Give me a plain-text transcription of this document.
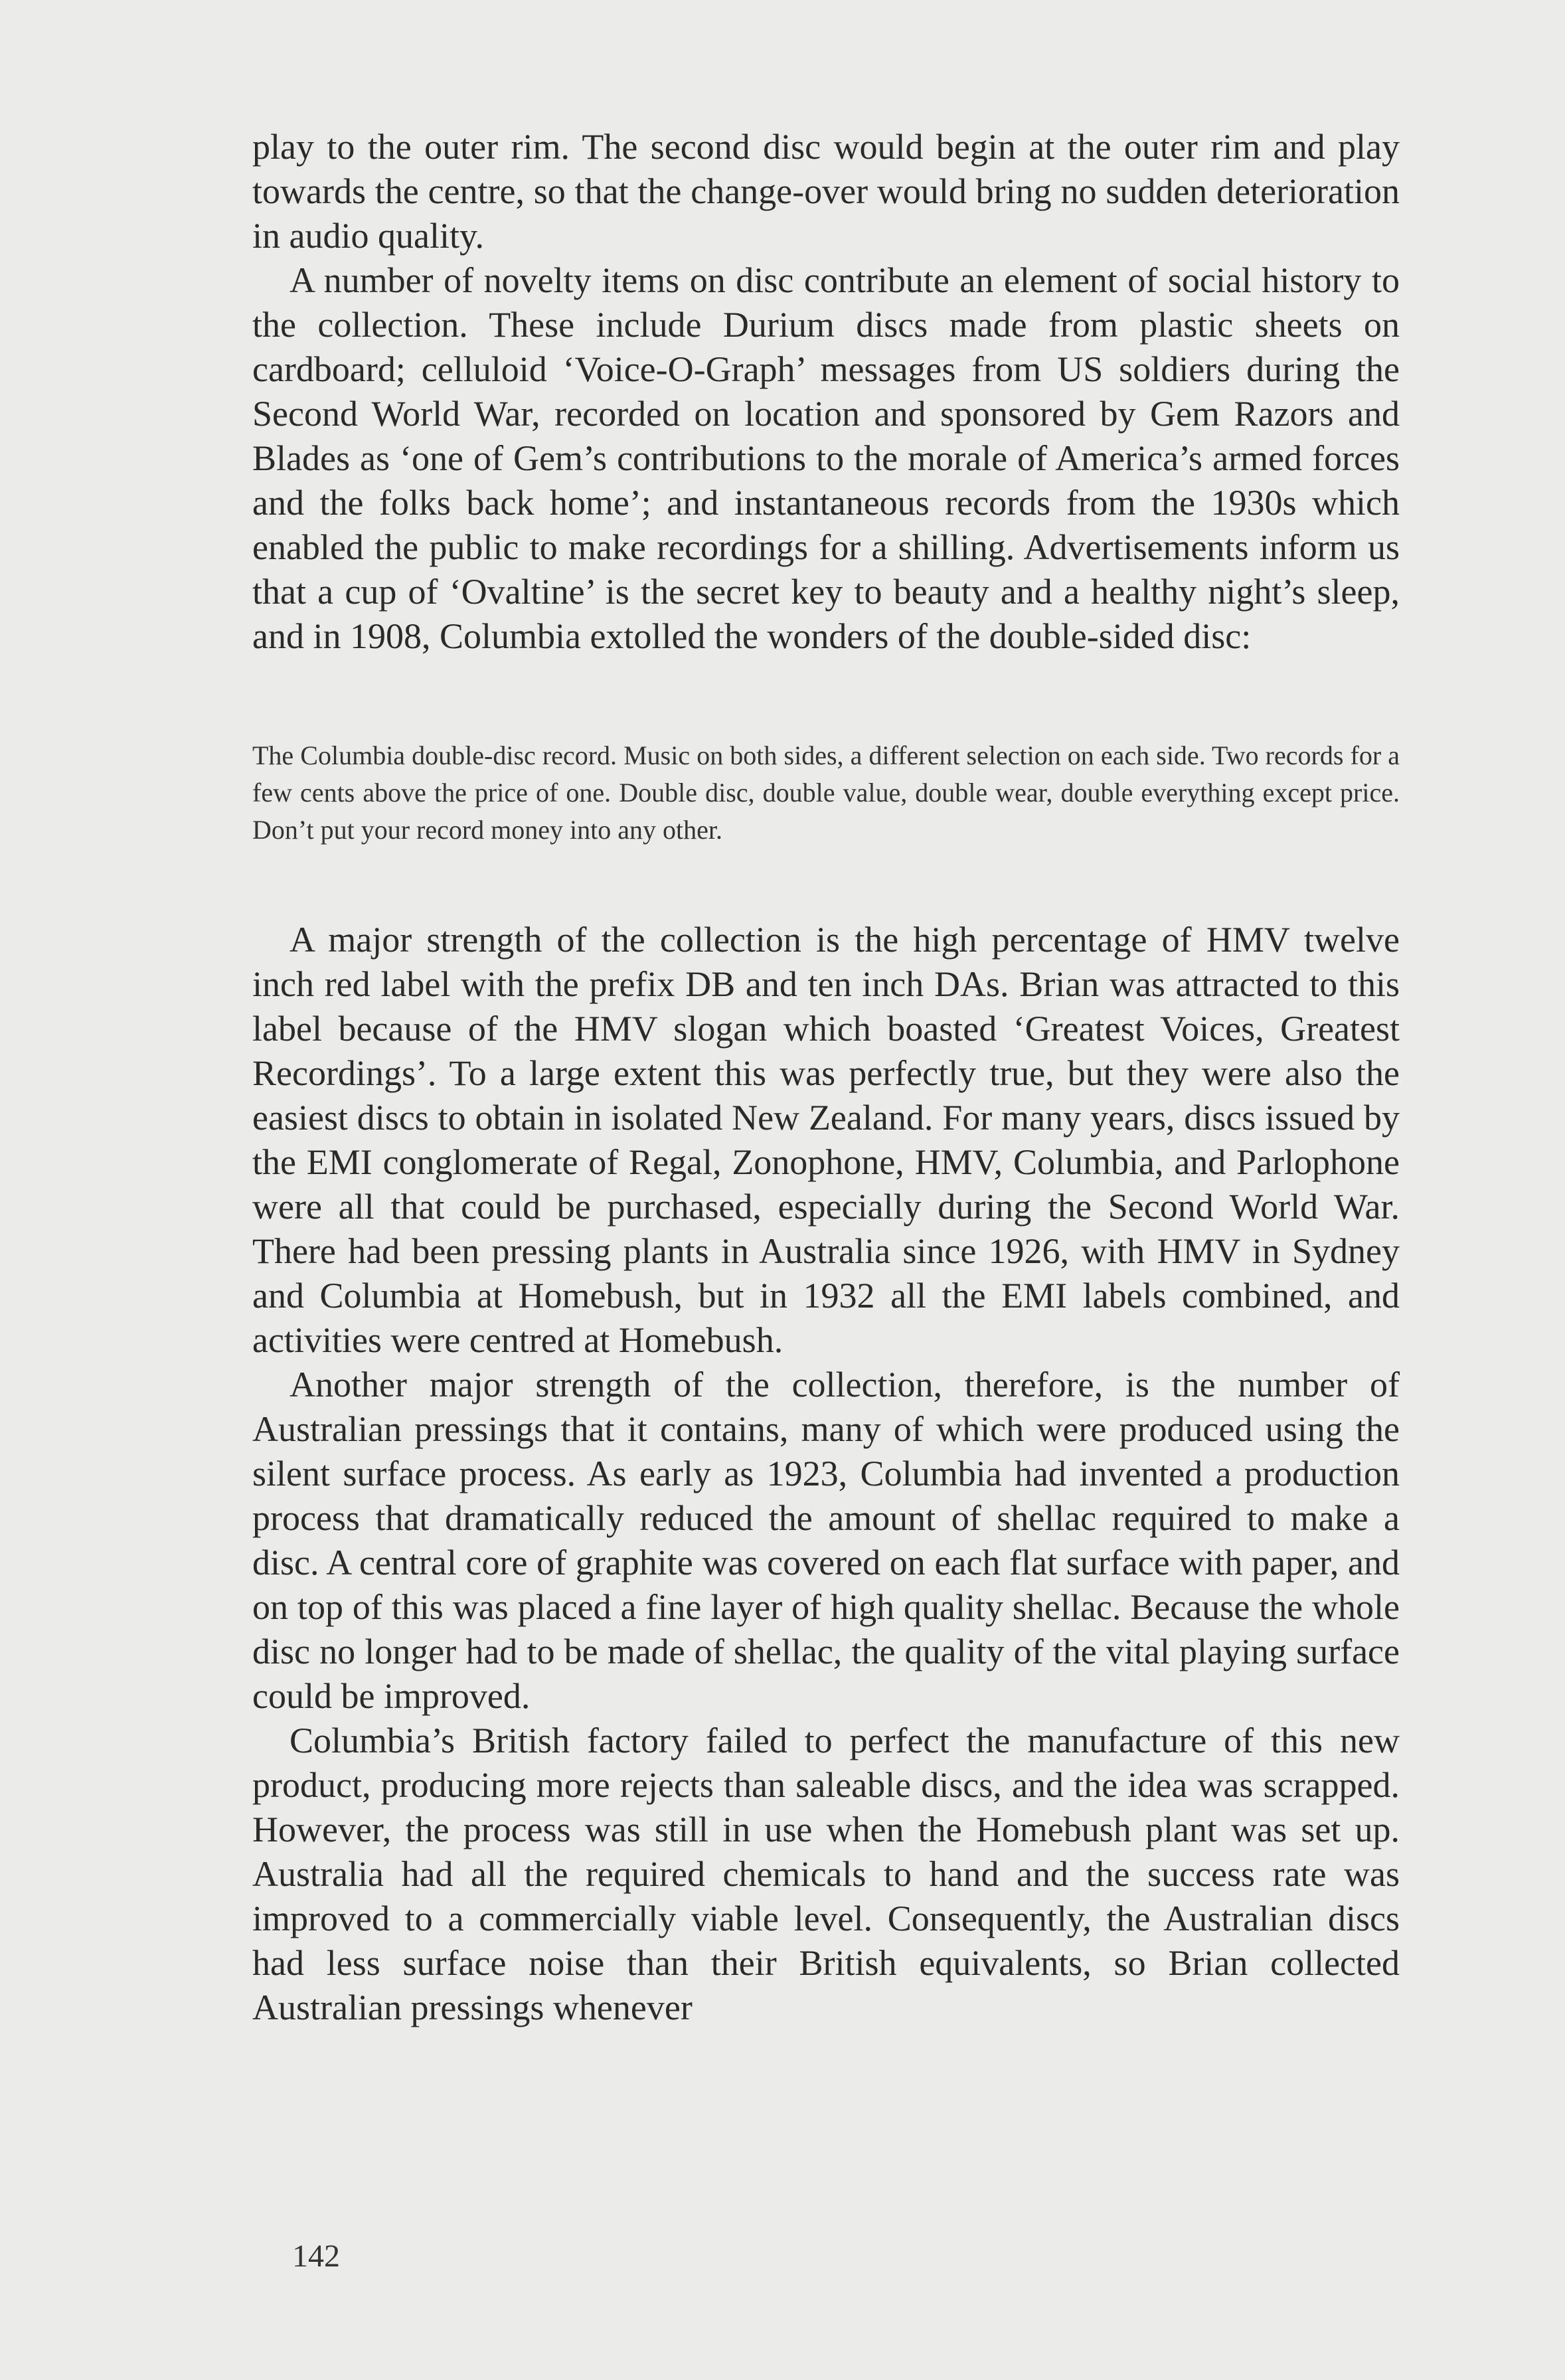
play to the outer rim. The second disc would begin at the outer rim and play towards the centre, so that the change-over would bring no sudden deterioration in audio quality.

A number of novelty items on disc contribute an element of social history to the collection. These include Durium discs made from plastic sheets on cardboard; celluloid ‘Voice-O-Graph’ messages from US soldiers during the Second World War, recorded on location and sponsored by Gem Razors and Blades as ‘one of Gem’s contributions to the morale of America’s armed forces and the folks back home’; and instantaneous records from the 1930s which enabled the public to make recordings for a shilling. Advertisements inform us that a cup of ‘Ovaltine’ is the secret key to beauty and a healthy night’s sleep, and in 1908, Columbia extolled the wonders of the double-sided disc:

The Columbia double-disc record. Music on both sides, a different selection on each side. Two records for a few cents above the price of one. Double disc, double value, double wear, double everything except price. Don’t put your record money into any other.

A major strength of the collection is the high percentage of HMV twelve inch red label with the prefix DB and ten inch DAs. Brian was attracted to this label because of the HMV slogan which boasted ‘Greatest Voices, Greatest Recordings’. To a large extent this was perfectly true, but they were also the easiest discs to obtain in isolated New Zealand. For many years, discs issued by the EMI conglomerate of Regal, Zonophone, HMV, Columbia, and Parlophone were all that could be purchased, especially during the Second World War. There had been pressing plants in Australia since 1926, with HMV in Sydney and Columbia at Homebush, but in 1932 all the EMI labels combined, and activities were centred at Homebush.

Another major strength of the collection, therefore, is the number of Australian pressings that it contains, many of which were produced using the silent surface process. As early as 1923, Columbia had invented a production process that dramatically reduced the amount of shellac required to make a disc. A central core of graphite was covered on each flat surface with paper, and on top of this was placed a fine layer of high quality shellac. Because the whole disc no longer had to be made of shellac, the quality of the vital playing surface could be improved.

Columbia’s British factory failed to perfect the manufacture of this new product, producing more rejects than saleable discs, and the idea was scrapped. However, the process was still in use when the Homebush plant was set up. Australia had all the required chemicals to hand and the success rate was improved to a commercially viable level. Consequently, the Australian discs had less surface noise than their British equivalents, so Brian collected Australian pressings whenever

142
